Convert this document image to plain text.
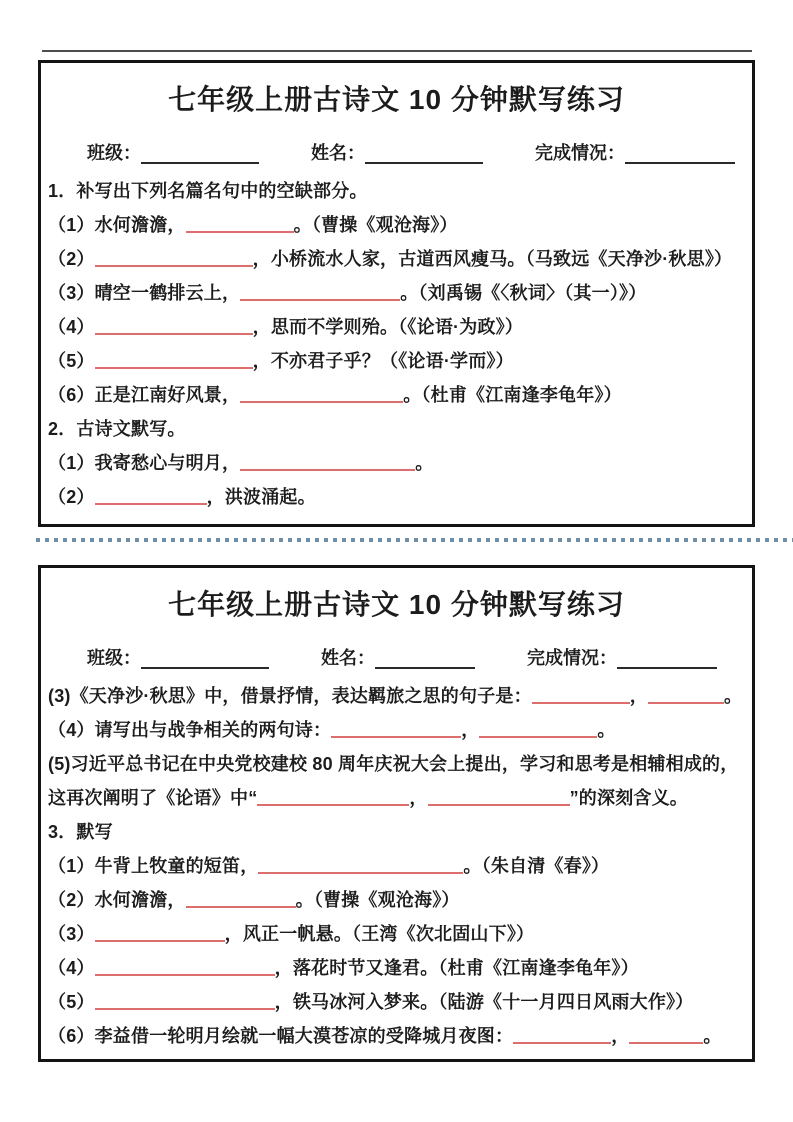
七年级上册古诗文 10 分钟默写练习
班级：	姓名：	完成情况：
1．补写出下列名篇名句中的空缺部分。
（1）水何澹澹，	。（曹操《观沧海》）
（2）	，小桥流水人家，古道西风瘦马。（马致远《天净沙·秋思》）
（3）晴空一鹤排云上，	。（刘禹锡《〈秋词〉（其一）》）
（4）	，思而不学则殆。（《论语·为政》）
（5）	，不亦君子乎？（《论语·学而》）
（6）正是江南好风景，	。（杜甫《江南逢李龟年》）
2．古诗文默写。
（1）我寄愁心与明月，	。
（2）	，洪波涌起。
七年级上册古诗文 10 分钟默写练习
班级：	姓名：	完成情况：
(3)《天净沙·秋思》中，借景抒情，表达羁旅之思的句子是：	，	。
（4）请写出与战争相关的两句诗：	，	。
(5)习近平总书记在中央党校建校 80 周年庆祝大会上提出，学习和思考是相辅相成的，
这再次阐明了《论语》中“	，	”的深刻含义。
3．默写
（1）牛背上牧童的短笛，	。（朱自清《春》）
（2）水何澹澹，	。（曹操《观沧海》）
（3）	，风正一帆悬。（王湾《次北固山下》）
（4）	，落花时节又逢君。（杜甫《江南逢李龟年》）
（5）	，铁马冰河入梦来。（陆游《十一月四日风雨大作》）
（6）李益借一轮明月绘就一幅大漠苍凉的受降城月夜图：	，	。
